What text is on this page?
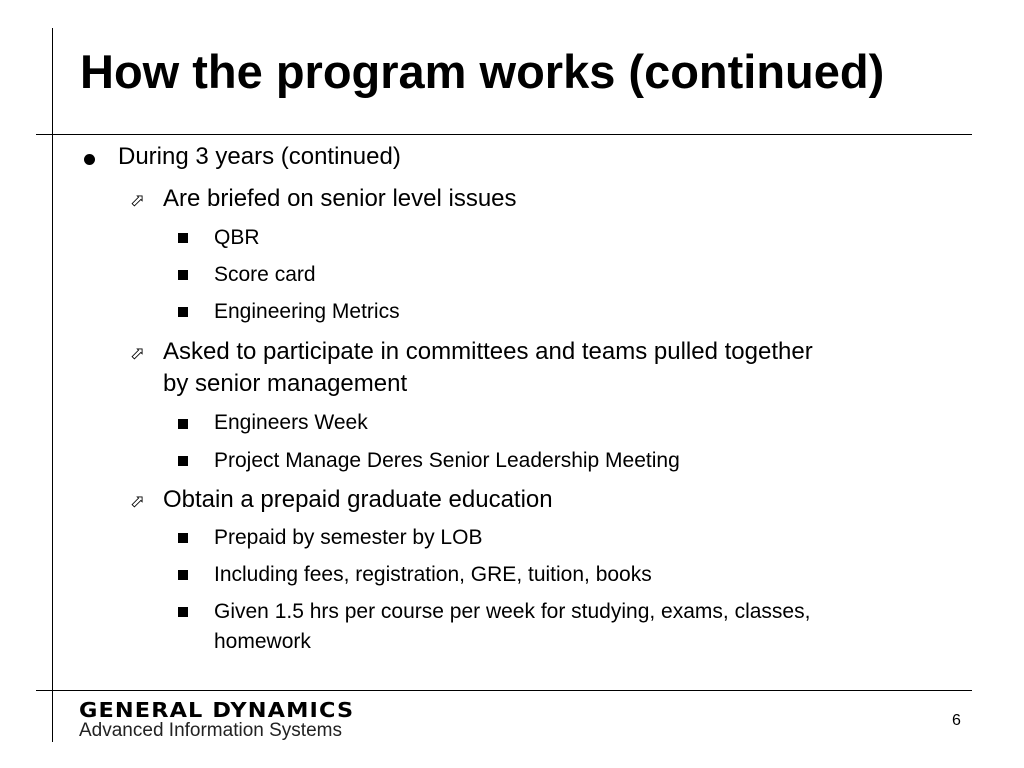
How the program works (continued)
During 3 years (continued)
⬀ Are briefed on senior level issues
QBR
Score card
Engineering Metrics
⬀ Asked to participate in committees and teams pulled together
by senior management
Engineers Week
Project Manage Deres Senior Leadership Meeting
⬀ Obtain a prepaid graduate education
Prepaid by semester by LOB
Including fees, registration, GRE, tuition, books
Given 1.5 hrs per course per week for studying, exams, classes,
homework
GENERAL DYNAMICS
Advanced Information Systems	6
